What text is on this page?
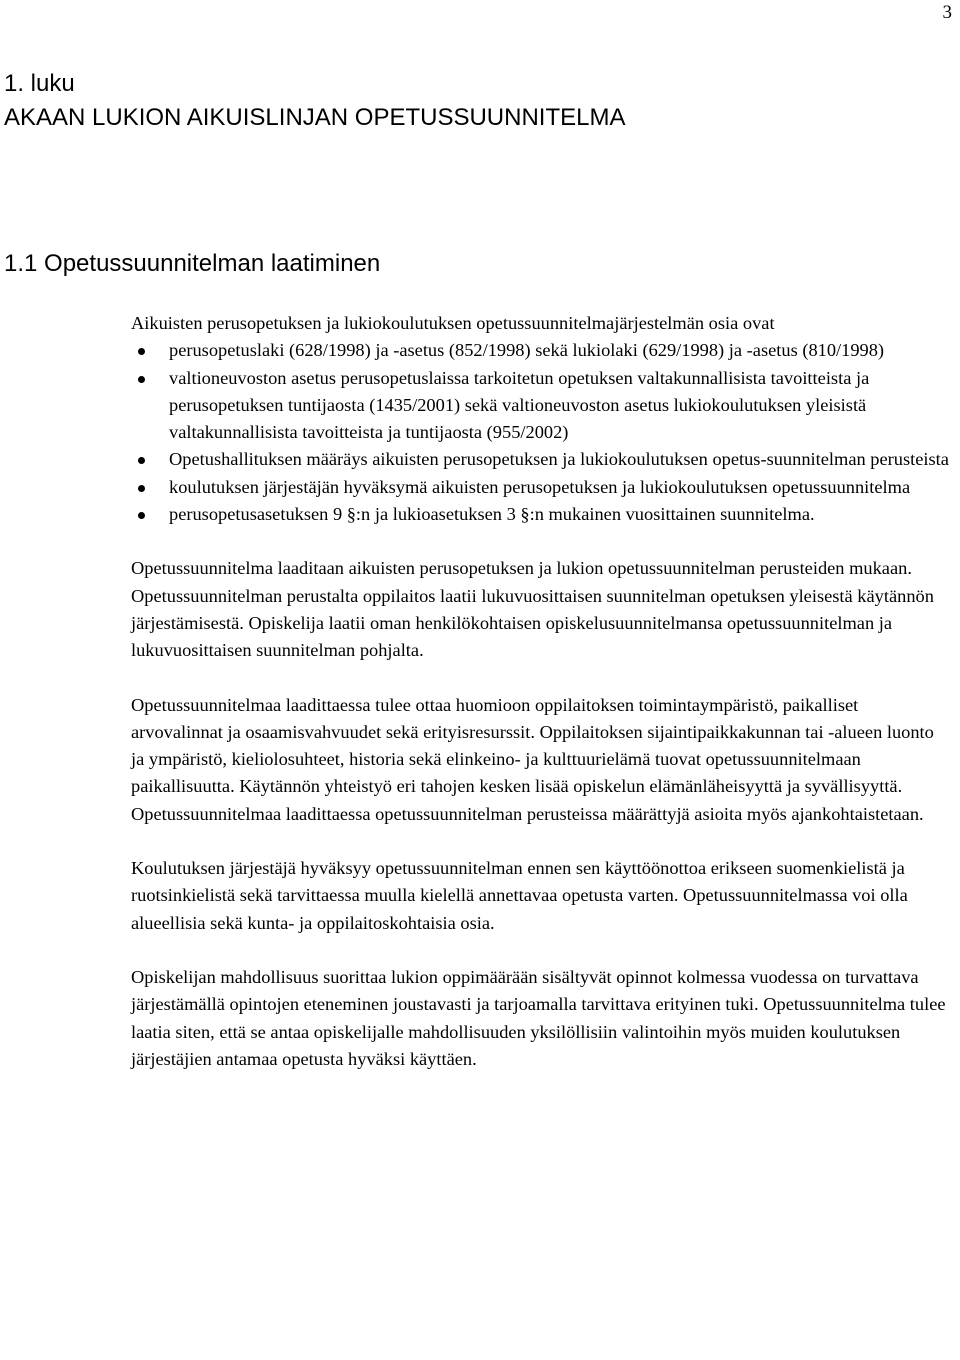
3
1. luku
AKAAN LUKION AIKUISLINJAN OPETUSSUUNNITELMA
1.1 Opetussuunnitelman laatiminen

Aikuisten perusopetuksen ja lukiokoulutuksen opetussuunnitelmajärjestelmän osia ovat

perusopetuslaki (628/1998) ja -asetus (852/1998) sekä lukiolaki (629/1998) ja -asetus (810/1998)
valtioneuvoston asetus perusopetuslaissa tarkoitetun opetuksen valtakunnallisista tavoitteista ja perusopetuksen tuntijaosta (1435/2001) sekä valtioneuvoston asetus lukiokoulutuksen yleisistä valtakunnallisista tavoitteista ja tuntijaosta (955/2002)
Opetushallituksen määräys aikuisten perusopetuksen ja lukiokoulutuksen opetus-suunnitelman perusteista
koulutuksen järjestäjän hyväksymä aikuisten perusopetuksen ja lukiokoulutuksen opetussuunnitelma
perusopetusasetuksen 9 §:n ja lukioasetuksen 3 §:n mukainen vuosittainen suunnitelma.

Opetussuunnitelma laaditaan aikuisten perusopetuksen ja lukion opetussuunnitelman perusteiden mukaan. Opetussuunnitelman perustalta oppilaitos laatii lukuvuosittaisen suunnitelman opetuksen yleisestä käytännön järjestämisestä. Opiskelija laatii oman henkilökohtaisen opiskelusuunnitelmansa opetussuunnitelman ja lukuvuosittaisen suunnitelman pohjalta.

Opetussuunnitelmaa laadittaessa tulee ottaa huomioon oppilaitoksen toimintaympäristö, paikalliset arvovalinnat ja osaamisvahvuudet sekä erityisresurssit. Oppilaitoksen sijaintipaikkakunnan tai -alueen luonto ja ympäristö, kieliolosuhteet, historia sekä elinkeino- ja kulttuurielämä tuovat opetussuunnitelmaan paikallisuutta. Käytännön yhteistyö eri tahojen kesken lisää opiskelun elämänläheisyyttä ja syvällisyyttä. Opetussuunnitelmaa laadittaessa opetussuunnitelman perusteissa määrättyjä asioita myös ajankohtaistetaan.

Koulutuksen järjestäjä hyväksyy opetussuunnitelman ennen sen käyttöönottoa erikseen suomenkielistä ja ruotsinkielistä sekä tarvittaessa muulla kielellä annettavaa opetusta varten. Opetussuunnitelmassa voi olla alueellisia sekä kunta- ja oppilaitoskohtaisia osia.

Opiskelijan mahdollisuus suorittaa lukion oppimäärään sisältyvät opinnot kolmessa vuodessa on turvattava järjestämällä opintojen eteneminen joustavasti ja tarjoamalla tarvittava erityinen tuki. Opetussuunnitelma tulee laatia siten, että se antaa opiskelijalle mahdollisuuden yksilöllisiin valintoihin myös muiden koulutuksen järjestäjien antamaa opetusta hyväksi käyttäen.
